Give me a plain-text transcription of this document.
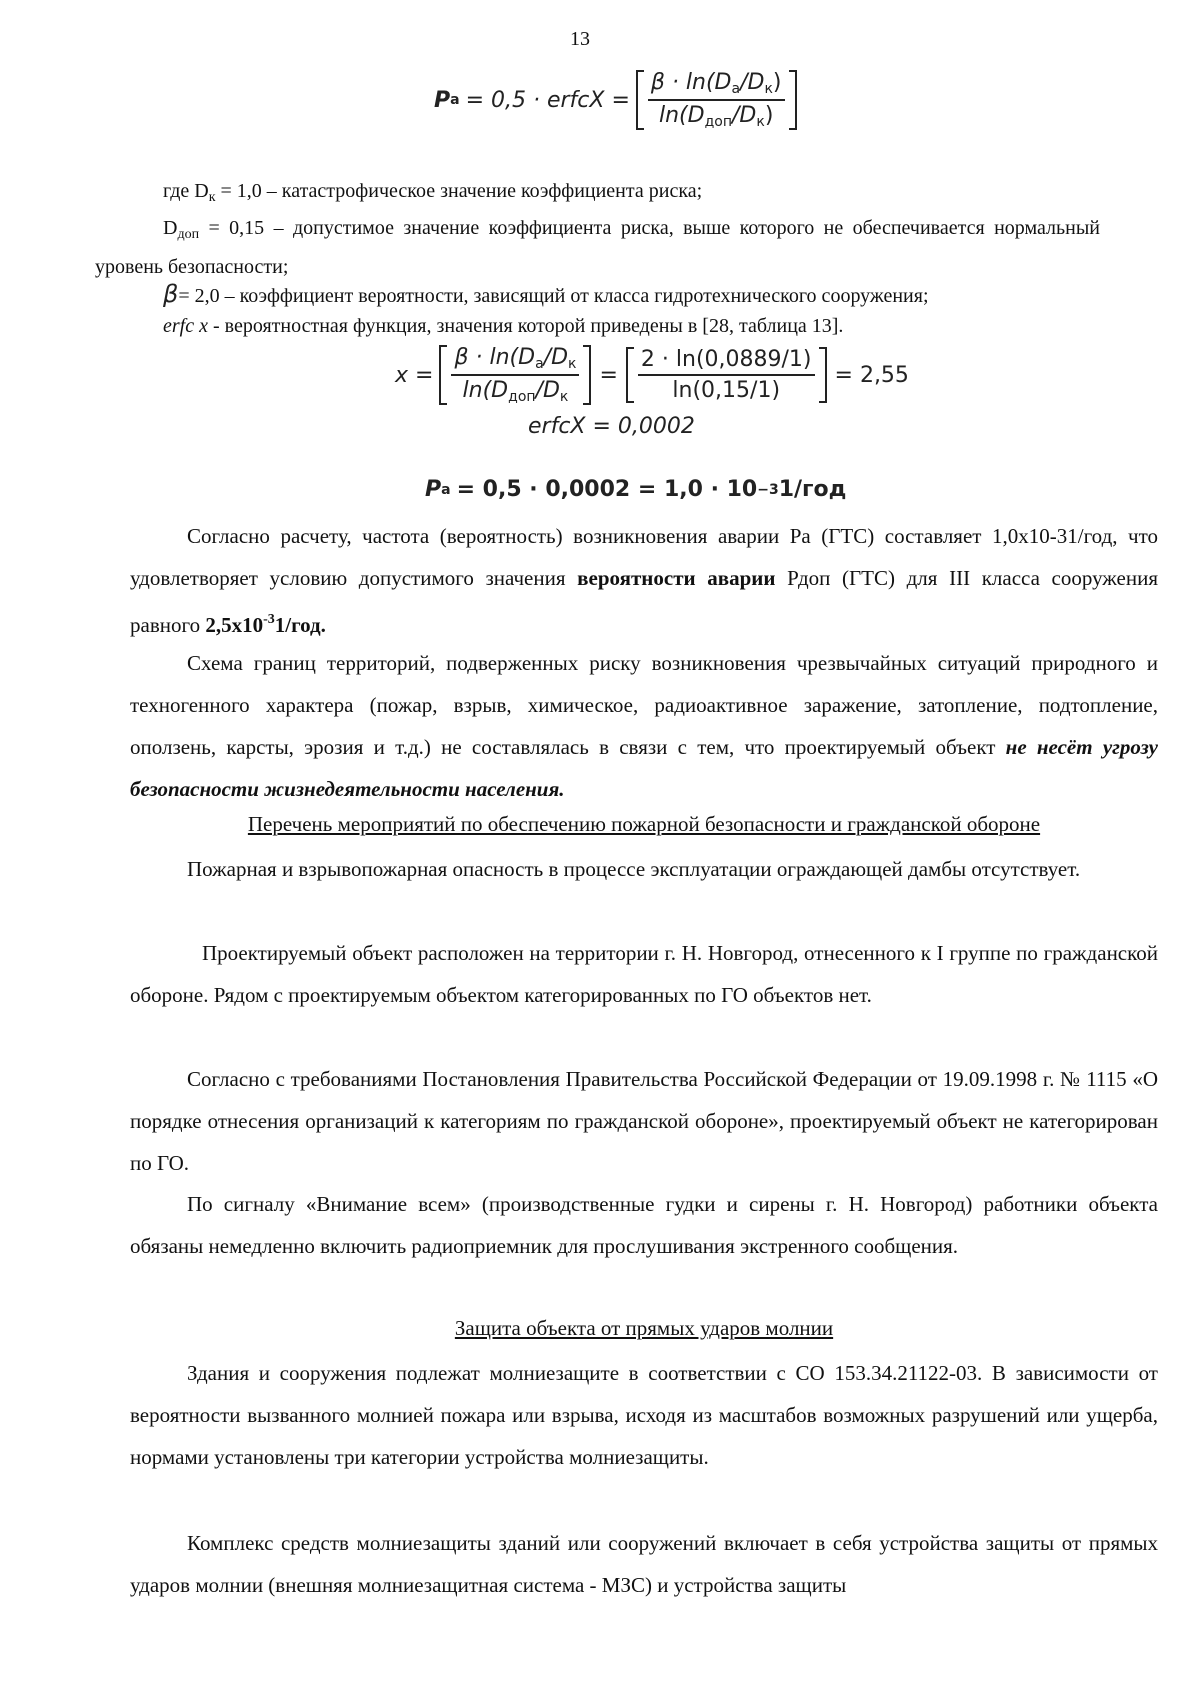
13
P а = 0,5 · erfcX = $\frac{\beta \cdot \ln(D_а/D_к)}{\ln(D_{доп}/D_к)}$
где $D_к = 1,0$ – катастрофическое значение коэффициента риска;
$D_{доп} = 0,15$ – допустимое значение коэффициента риска, выше которого не обеспечивается нормальный уровень безопасности;
β= 2,0 – коэффициент вероятности, зависящий от класса гидротехнического сооружения;
erfc x - вероятностная функция, значения которой приведены в [28, таблица 13].
$x = \frac{\beta \cdot \ln(D_а/D_к}{\ln(D_{доп}/D_к} = \frac{2 \cdot \ln(0,0889/1)}{\ln(0,15/1)} = 2,55$
erfcX = 0,0002
P а = 0,5 · 0,0002 = 1,0 · 10 −3 1/год
Согласно расчету, частота (вероятность) возникновения аварии Ра (ГТС) составляет 1,0х10-31/год, что удовлетворяет условию допустимого значения вероятности аварии Рдоп (ГТС) для III класса сооружения равного $2,5х10^{-3}1$/год.
Схема границ территорий, подверженных риску возникновения чрезвычайных ситуаций природного и техногенного характера (пожар, взрыв, химическое, радиоактивное заражение, затопление, подтопление, оползень, карсты, эрозия и т.д.) не составлялась в связи с тем, что проектируемый объект не несёт угрозу безопасности жизнедеятельности населения.
Перечень мероприятий по обеспечению пожарной безопасности и гражданской обороне
Пожарная и взрывопожарная опасность в процессе эксплуатации ограждающей дамбы отсутствует.
Проектируемый объект расположен на территории г. Н. Новгород, отнесенного к I группе по гражданской обороне. Рядом с проектируемым объектом категорированных по ГО объектов нет.
Согласно с требованиями Постановления Правительства Российской Федерации от 19.09.1998 г. № 1115 «О порядке отнесения организаций к категориям по гражданской обороне», проектируемый объект не категорирован по ГО.
По сигналу «Внимание всем» (производственные гудки и сирены г. Н. Новгород) работники объекта обязаны немедленно включить радиоприемник для прослушивания экстренного сообщения.
Защита объекта от прямых ударов молнии
Здания и сооружения подлежат молниезащите в соответствии с СО 153.34.21122-03. В зависимости от вероятности вызванного молнией пожара или взрыва, исходя из масштабов возможных разрушений или ущерба, нормами установлены три категории устройства молниезащиты.
Комплекс средств молниезащиты зданий или сооружений включает в себя устройства защиты от прямых ударов молнии (внешняя молниезащитная система - МЗС) и устройства защиты
